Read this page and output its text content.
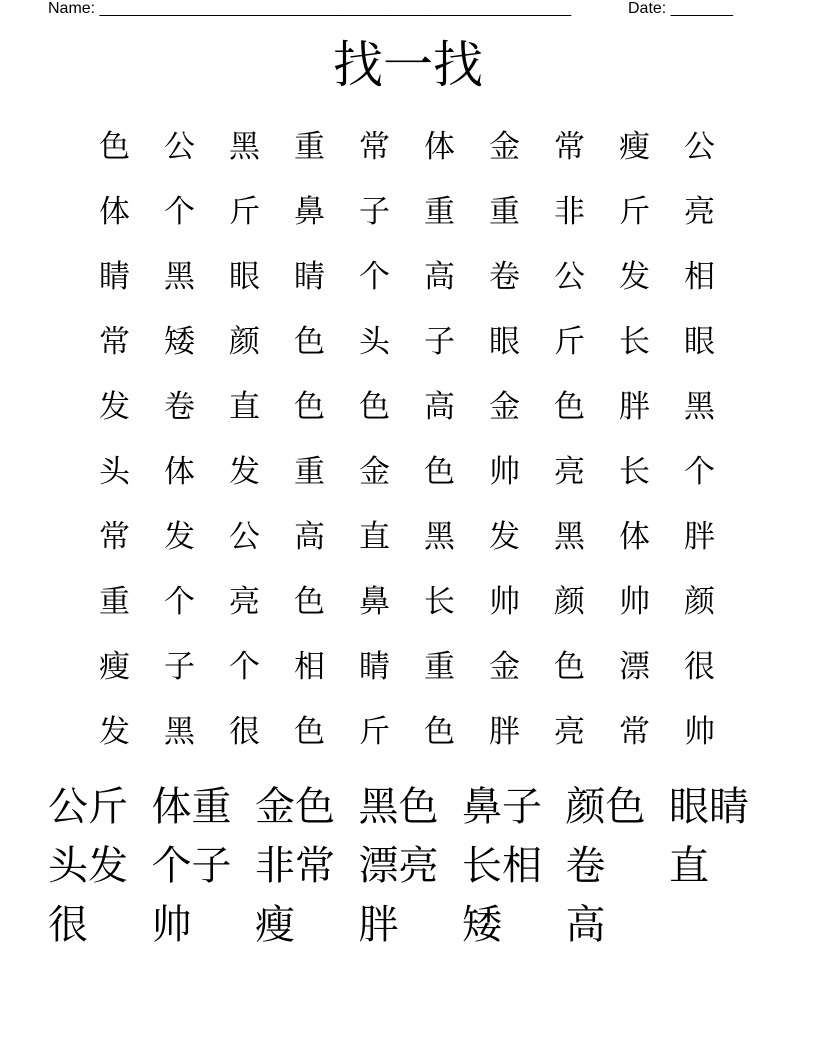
Name: _____________________________________________________	Date: _______
找一找
色	公	黑	重	常	体	金	常	瘦	公
体	个	斤	鼻	子	重	重	非	斤	亮
睛	黑	眼	睛	个	高	卷	公	发	相
常	矮	颜	色	头	子	眼	斤	长	眼
发	卷	直	色	色	高	金	色	胖	黑
头	体	发	重	金	色	帅	亮	长	个
常	发	公	高	直	黑	发	黑	体	胖
重	个	亮	色	鼻	长	帅	颜	帅	颜
瘦	子	个	相	睛	重	金	色	漂	很
发	黑	很	色	斤	色	胖	亮	常	帅
公斤 体重 金色 黑色 鼻子 颜色 眼睛
头发 个子 非常 漂亮 长相 卷	直
很	帅	瘦	胖	矮	高
